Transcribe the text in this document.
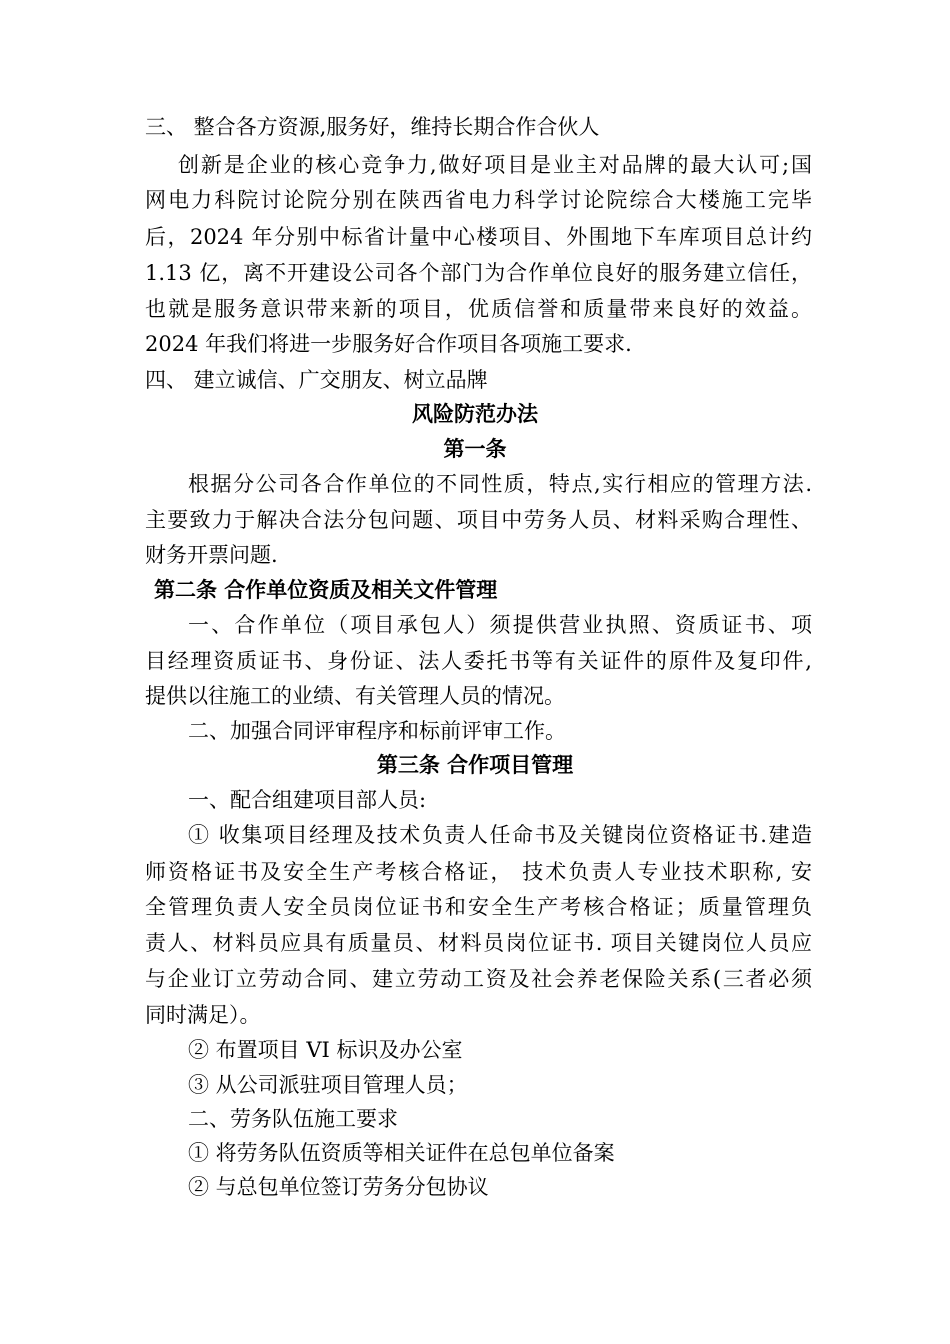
三、 整合各方资源,服务好，维持长期合作合伙人
创新是企业的核心竞争力,做好项目是业主对品牌的最大认可;国
网电力科院讨论院分别在陕西省电力科学讨论院综合大楼施工完毕
后，2024 年分别中标省计量中心楼项目、外围地下车库项目总计约
1.13 亿，离不开建设公司各个部门为合作单位良好的服务建立信任，
也就是服务意识带来新的项目，优质信誉和质量带来良好的效益。
2024 年我们将进一步服务好合作项目各项施工要求.
四、 建立诚信、广交朋友、树立品牌
风险防范办法
第一条
根据分公司各合作单位的不同性质，特点,实行相应的管理方法.
主要致力于解决合法分包问题、项目中劳务人员、材料采购合理性、
财务开票问题.
第二条 合作单位资质及相关文件管理
一、合作单位（项目承包人）须提供营业执照、资质证书、项
目经理资质证书、身份证、法人委托书等有关证件的原件及复印件,
提供以往施工的业绩、有关管理人员的情况。
二、加强合同评审程序和标前评审工作。
第三条 合作项目管理
一、配合组建项目部人员:
① 收集项目经理及技术负责人任命书及关键岗位资格证书.建造
师资格证书及安全生产考核合格证， 技术负责人专业技术职称, 安
全管理负责人安全员岗位证书和安全生产考核合格证；质量管理负
责人、材料员应具有质量员、材料员岗位证书. 项目关键岗位人员应
与企业订立劳动合同、建立劳动工资及社会养老保险关系(三者必须
同时满足）。
② 布置项目 VI 标识及办公室
③ 从公司派驻项目管理人员；
二、劳务队伍施工要求
① 将劳务队伍资质等相关证件在总包单位备案
② 与总包单位签订劳务分包协议
